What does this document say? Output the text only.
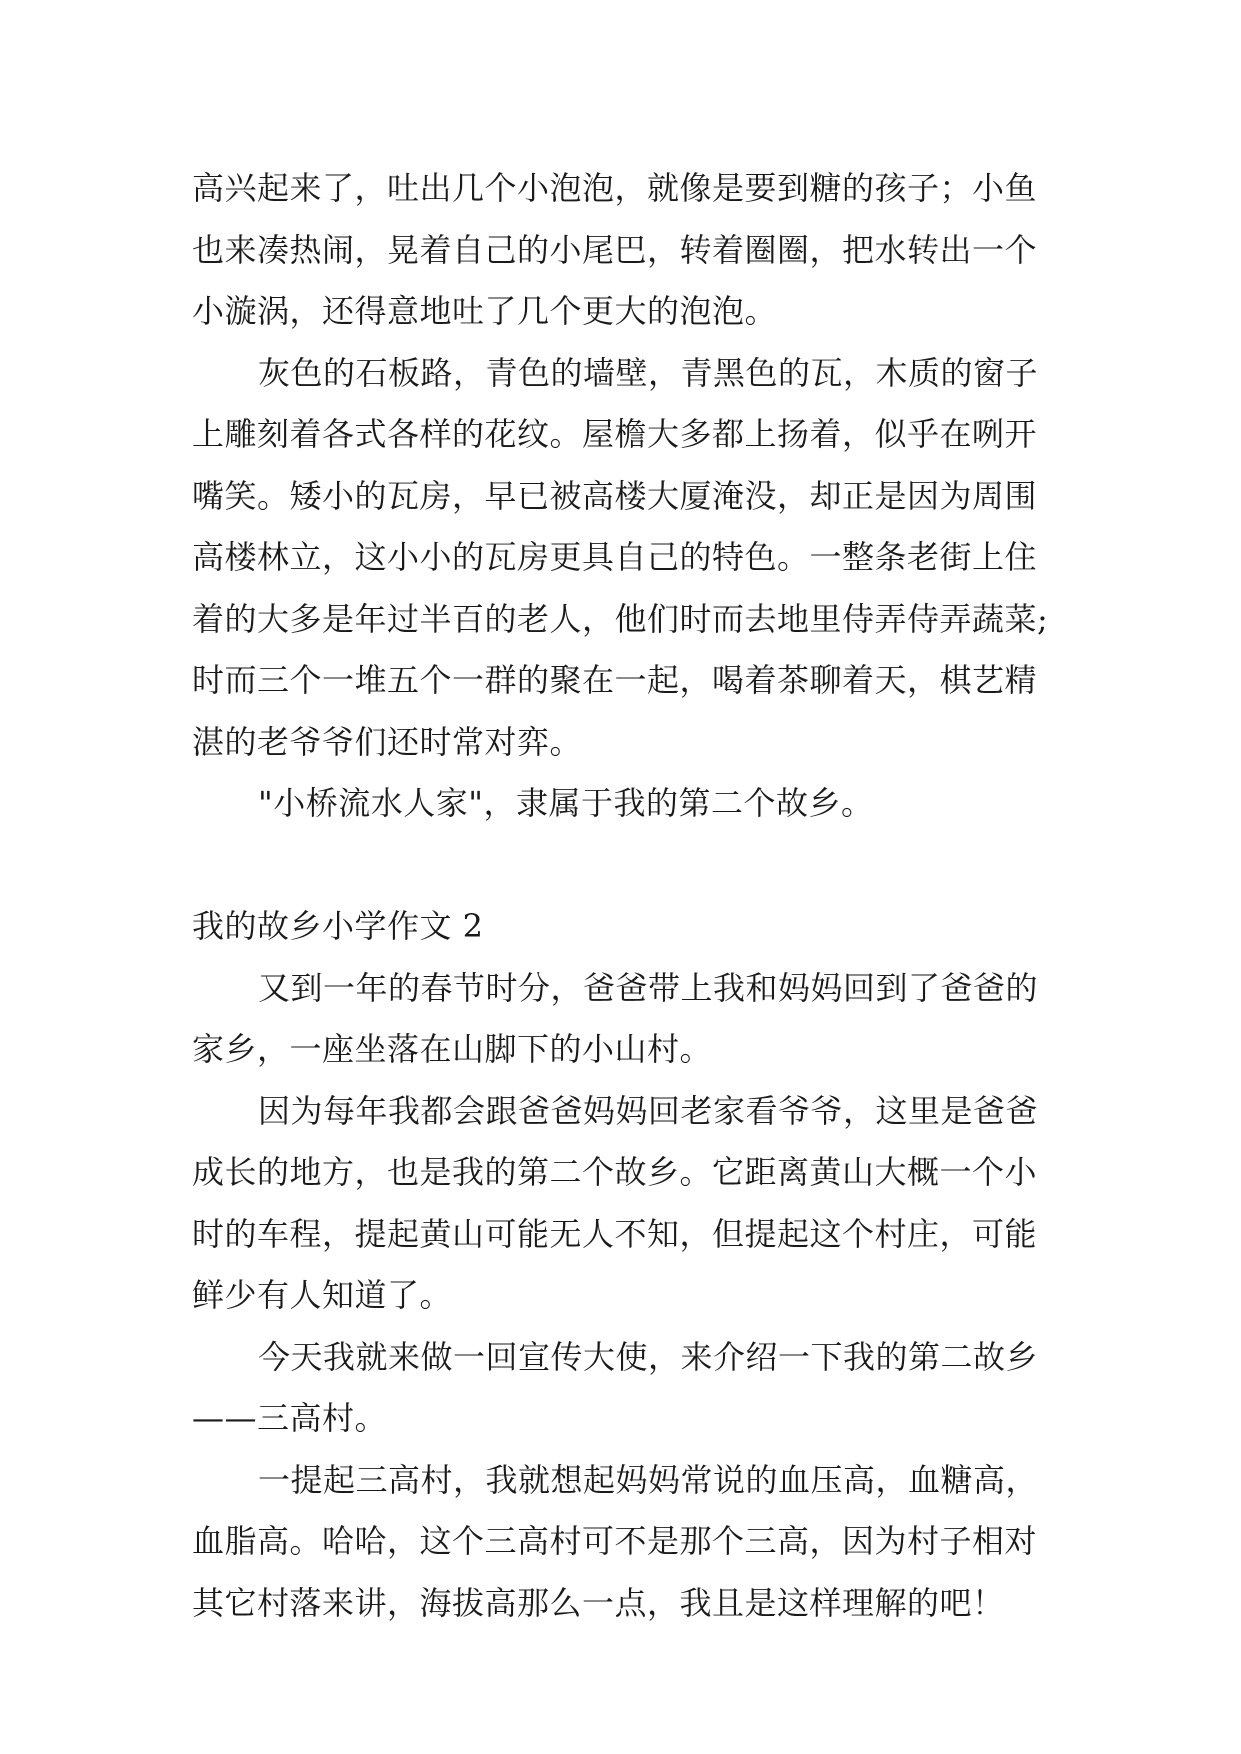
高兴起来了，吐出几个小泡泡，就像是要到糖的孩子；小鱼
也来凑热闹，晃着自己的小尾巴，转着圈圈，把水转出一个
小漩涡，还得意地吐了几个更大的泡泡。
灰色的石板路，青色的墙壁，青黑色的瓦，木质的窗子
上雕刻着各式各样的花纹。屋檐大多都上扬着，似乎在咧开
嘴笑。矮小的瓦房，早已被高楼大厦淹没，却正是因为周围
高楼林立，这小小的瓦房更具自己的特色。一整条老街上住
着的大多是年过半百的老人，他们时而去地里侍弄侍弄蔬菜;
时而三个一堆五个一群的聚在一起，喝着茶聊着天，棋艺精
湛的老爷爷们还时常对弈。
"小桥流水人家"，隶属于我的第二个故乡。
我的故乡小学作文 2
又到一年的春节时分，爸爸带上我和妈妈回到了爸爸的
家乡，一座坐落在山脚下的小山村。
因为每年我都会跟爸爸妈妈回老家看爷爷，这里是爸爸
成长的地方，也是我的第二个故乡。它距离黄山大概一个小
时的车程，提起黄山可能无人不知，但提起这个村庄，可能
鲜少有人知道了。
今天我就来做一回宣传大使，来介绍一下我的第二故乡
——三高村。
一提起三高村，我就想起妈妈常说的血压高，血糖高，
血脂高。哈哈，这个三高村可不是那个三高，因为村子相对
其它村落来讲，海拔高那么一点，我且是这样理解的吧！
